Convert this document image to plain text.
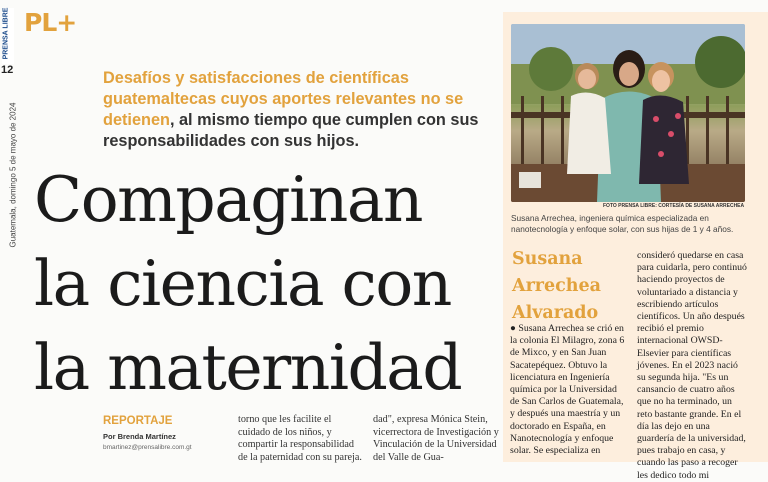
PL+
PRENSA LIBRE
12
Guatemala, domingo 5 de mayo de 2024
Desafíos y satisfacciones de científicas guatemaltecas cuyos aportes relevantes no se detienen, al mismo tiempo que cumplen con sus responsabilidades con sus hijos.
Compaginan
la ciencia con
la maternidad
REPORTAJE
Por Brenda Martínez
bmartinez@prensalibre.com.gt
torno que les facilite el cuidado de los niños, y compartir la responsabilidad de la paternidad con su pareja.
dad", expresa Mónica Stein, vicerrectora de Investigación y Vinculación de la Universidad del Valle de Gua-
FOTO PRENSA LIBRE: CORTESÍA DE SUSANA ARRECHEA
Susana Arrechea, ingeniera química especializada en nanotecnología y enfoque solar, con sus hijas de 1 y 4 años.
Susana
Arrechea
Alvarado
● Susana Arrechea se crió en la colonia El Milagro, zona 6 de Mixco, y en San Juan Sacatepéquez. Obtuvo la licenciatura en Ingeniería química por la Universidad de San Carlos de Guatemala, y después una maestría y un doctorado en España, en Nanotecnología y enfoque solar. Se especializa en
consideró quedarse en casa para cuidarla, pero continuó haciendo proyectos de voluntariado a distancia y escribiendo artículos científicos. Un año después recibió el premio internacional OWSD-Elsevier para científicas jóvenes. En el 2023 nació su segunda hija. "Es un cansancio de cuatro años que no ha terminado, un reto bastante grande. En el día las dejo en una guardería de la universidad, pues trabajo en casa, y cuando las paso a recoger les dedico todo mi
